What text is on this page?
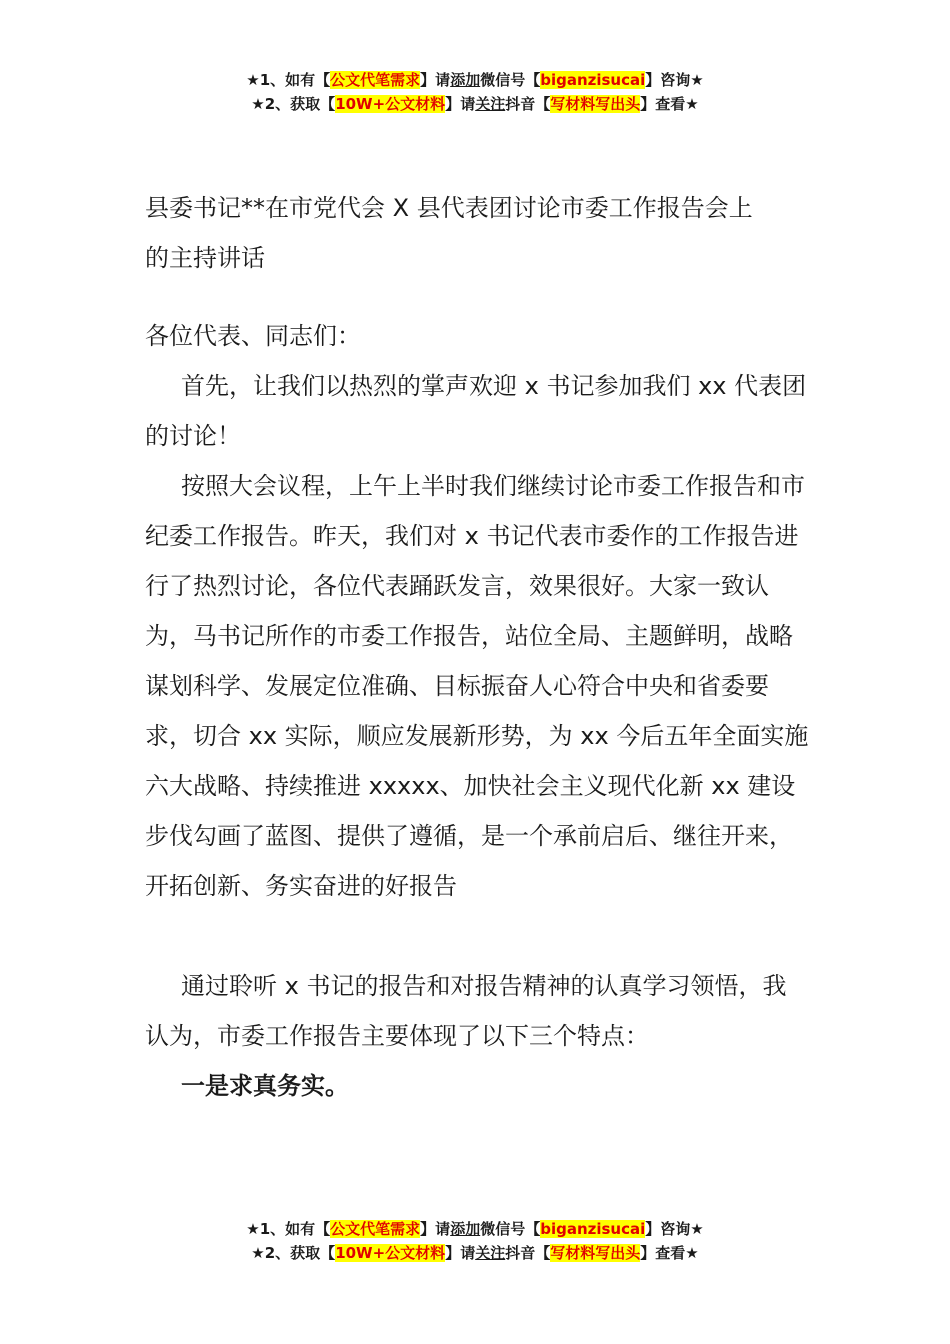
★1、如有【公文代笔需求】请添加微信号【biganzisucai】咨询★
★2、获取【10W+公文材料】请关注抖音【写材料写出头】查看★

县委书记**在市党代会 X 县代表团讨论市委工作报告会上

的主持讲话

各位代表、同志们：

首先，让我们以热烈的掌声欢迎 x 书记参加我们 xx 代表团的讨论！

按照大会议程，上午上半时我们继续讨论市委工作报告和市纪委工作报告。昨天，我们对 x 书记代表市委作的工作报告进行了热烈讨论，各位代表踊跃发言，效果很好。大家一致认为，马书记所作的市委工作报告，站位全局、主题鲜明，战略谋划科学、发展定位准确、目标振奋人心符合中央和省委要求，切合 xx 实际，顺应发展新形势，为 xx 今后五年全面实施六大战略、持续推进 xxxxx、加快社会主义现代化新 xx 建设步伐勾画了蓝图、提供了遵循，是一个承前启后、继往开来，开拓创新、务实奋进的好报告

通过聆听 x 书记的报告和对报告精神的认真学习领悟，我认为，市委工作报告主要体现了以下三个特点：

一是求真务实。

★1、如有【公文代笔需求】请添加微信号【biganzisucai】咨询★
★2、获取【10W+公文材料】请关注抖音【写材料写出头】查看★
